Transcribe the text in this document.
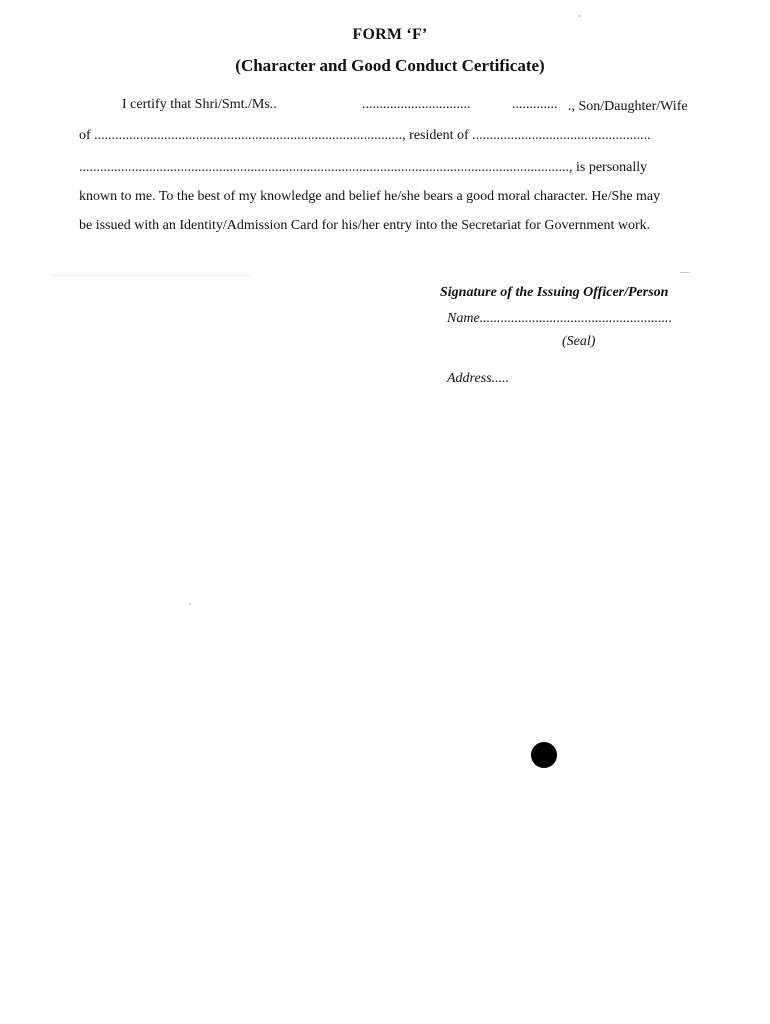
FORM ‘F’
(Character and Good Conduct Certificate)
I certify that Shri/Smt./Ms..	...............................	............. ., Son/Daughter/Wife
of ........................................................................................, resident of ...................................................
............................................................................................................................................, is personally
known to me. To the best of my knowledge and belief he/she bears a good moral character. He/She may
be issued with an Identity/Admission Card for his/her entry into the Secretariat for Government work.
Signature of the Issuing Officer/Person
Name.......................................................
(Seal)
Address.....
